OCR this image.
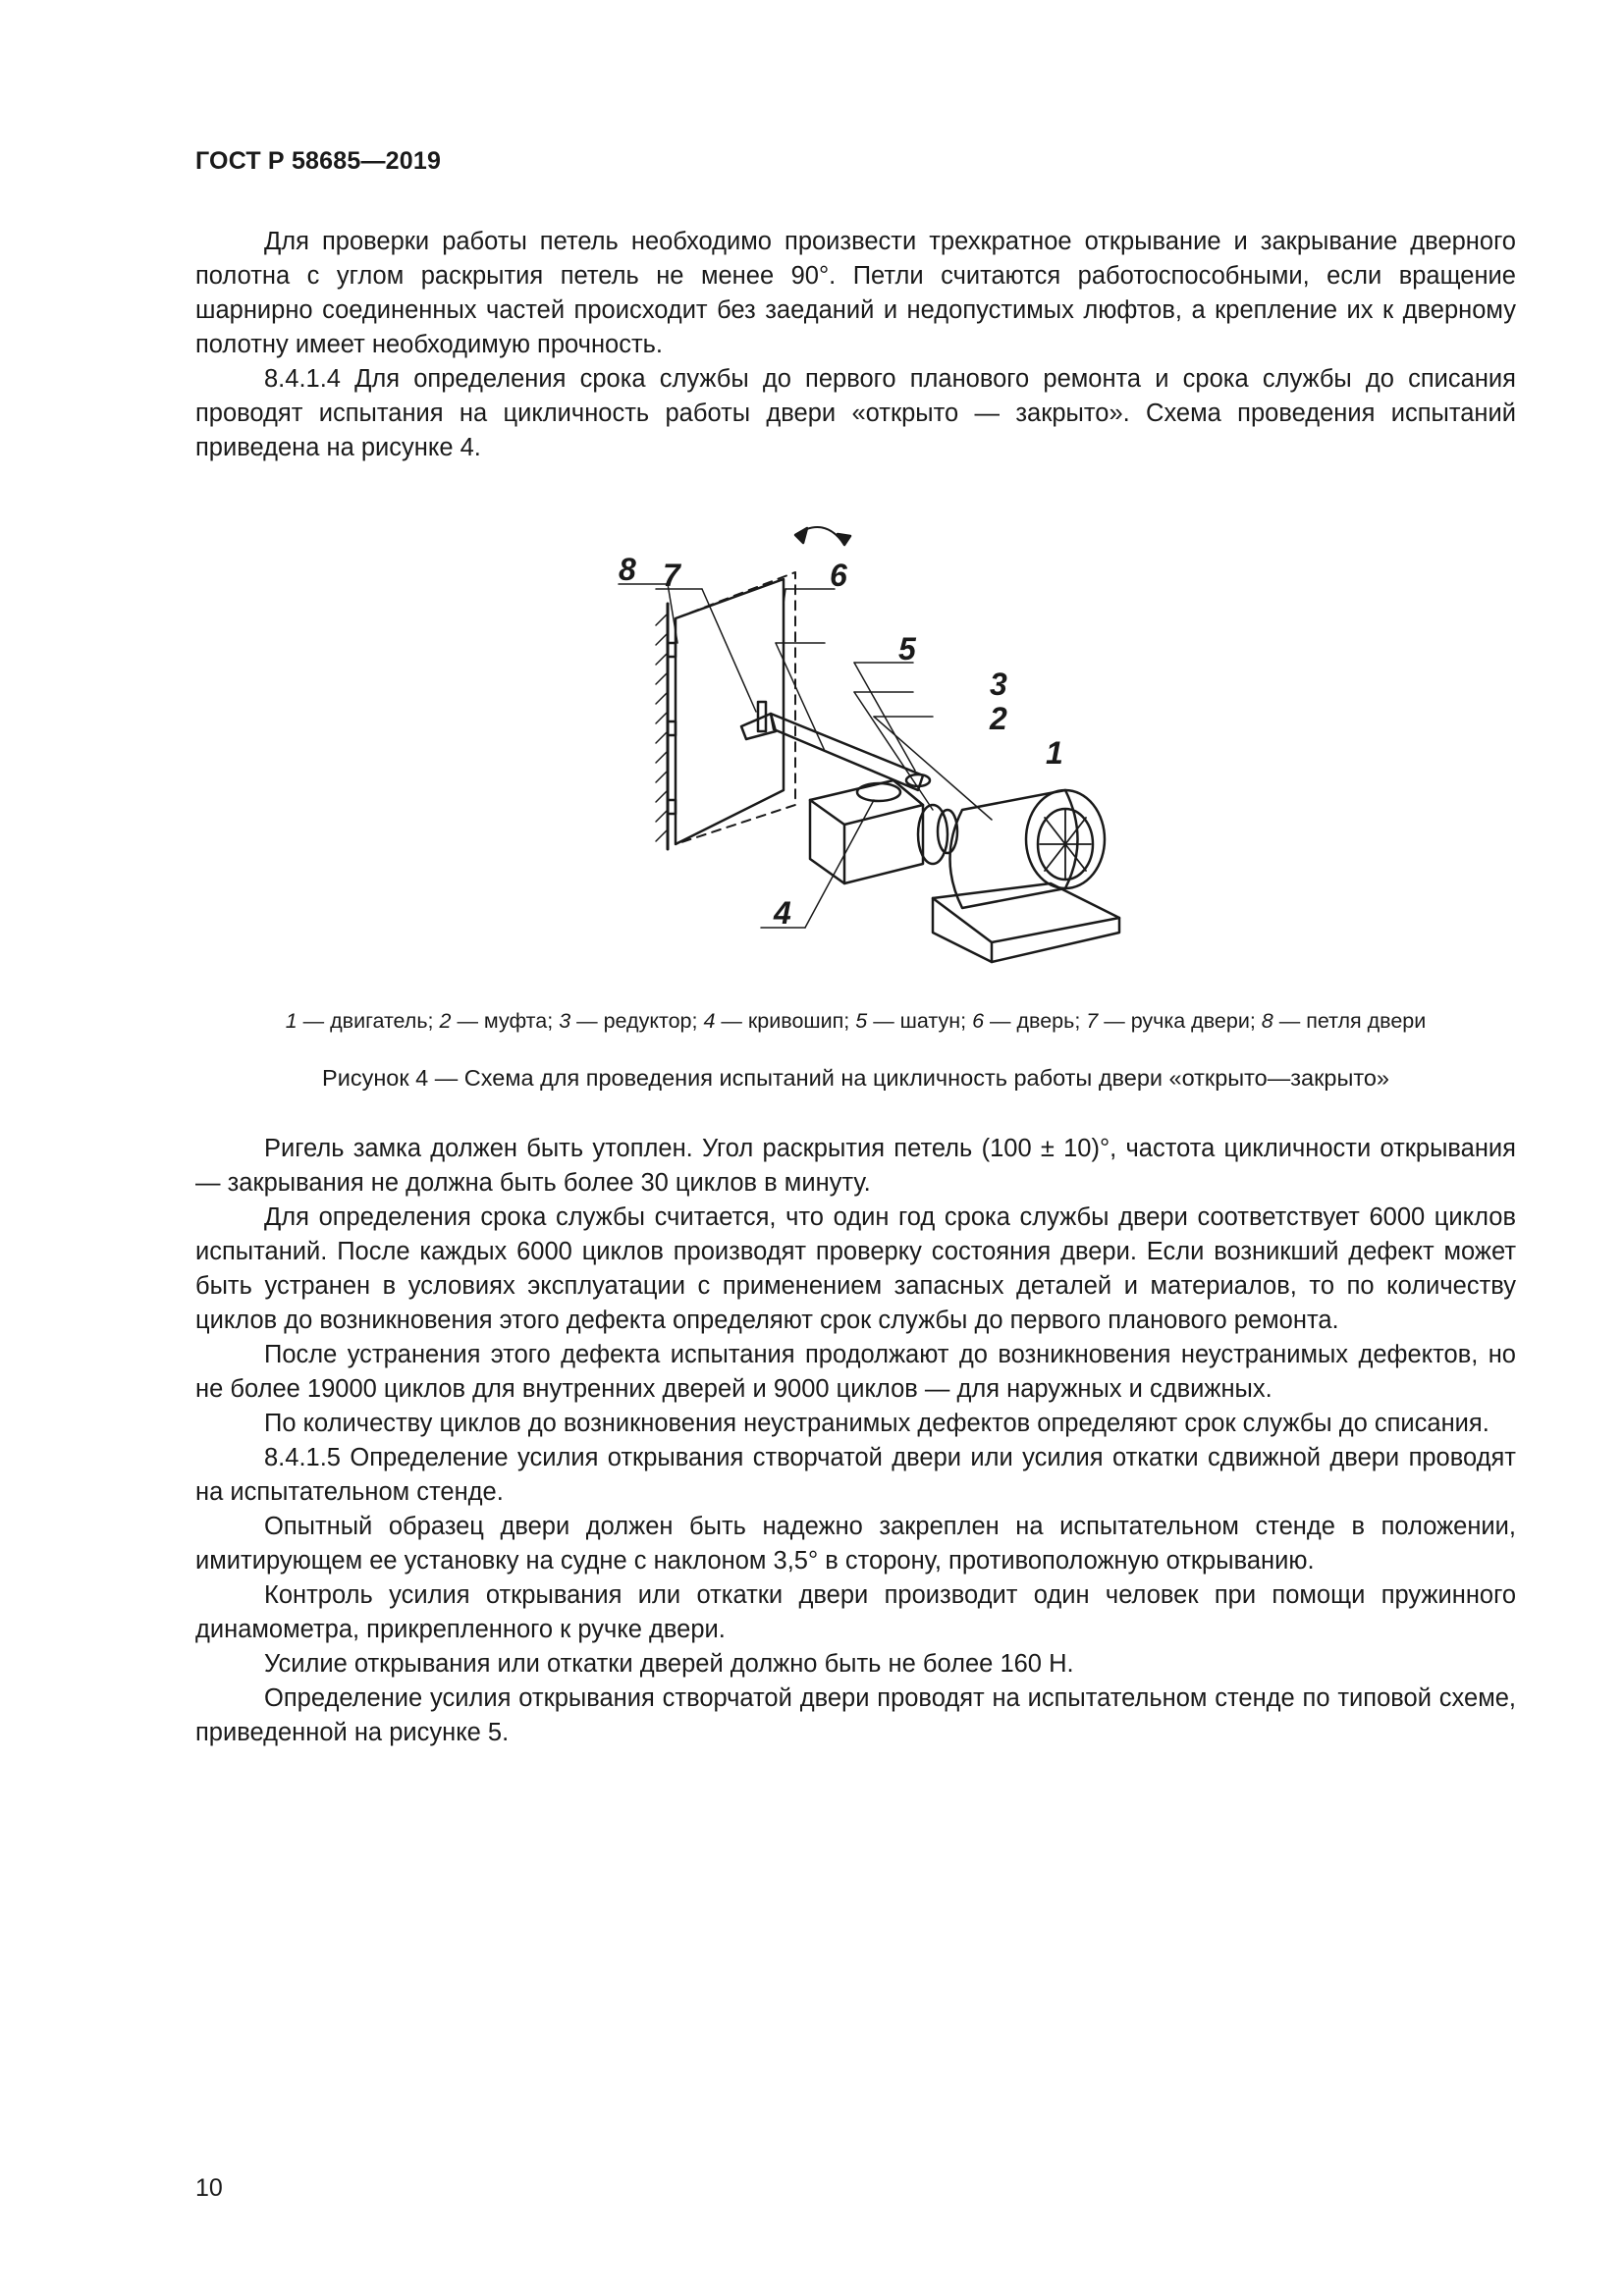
ГОСТ Р 58685—2019

Для проверки работы петель необходимо произвести трехкратное открывание и закрывание дверного полотна с углом раскрытия петель не менее 90°. Петли считаются работоспособными, если вращение шарнирно соединенных частей происходит без заеданий и недопустимых люфтов, а крепление их к дверному полотну имеет необходимую прочность.

8.4.1.4 Для определения срока службы до первого планового ремонта и срока службы до списания проводят испытания на цикличность работы двери «открыто — закрыто». Схема проведения испытаний приведена на рисунке 4.

8 7	6
5
3
2
1
4
1 — двигатель; 2 — муфта; 3 — редуктор; 4 — кривошип; 5 — шатун; 6 — дверь; 7 — ручка двери; 8 — петля двери
Рисунок 4 — Схема для проведения испытаний на цикличность работы двери «открыто—закрыто»

Ригель замка должен быть утоплен. Угол раскрытия петель (100 ± 10)°, частота цикличности открывания — закрывания не должна быть более 30 циклов в минуту.

Для определения срока службы считается, что один год срока службы двери соответствует 6000 циклов испытаний. После каждых 6000 циклов производят проверку состояния двери. Если возникший дефект может быть устранен в условиях эксплуатации с применением запасных деталей и материалов, то по количеству циклов до возникновения этого дефекта определяют срок службы до первого планового ремонта.

После устранения этого дефекта испытания продолжают до возникновения неустранимых дефектов, но не более 19000 циклов для внутренних дверей и 9000 циклов — для наружных и сдвижных.

По количеству циклов до возникновения неустранимых дефектов определяют срок службы до списания.

8.4.1.5 Определение усилия открывания створчатой двери или усилия откатки сдвижной двери проводят на испытательном стенде.

Опытный образец двери должен быть надежно закреплен на испытательном стенде в положении, имитирующем ее установку на судне с наклоном 3,5° в сторону, противоположную открыванию.

Контроль усилия открывания или откатки двери производит один человек при помощи пружинного динамометра, прикрепленного к ручке двери.

Усилие открывания или откатки дверей должно быть не более 160 Н.

Определение усилия открывания створчатой двери проводят на испытательном стенде по типовой схеме, приведенной на рисунке 5.

10
